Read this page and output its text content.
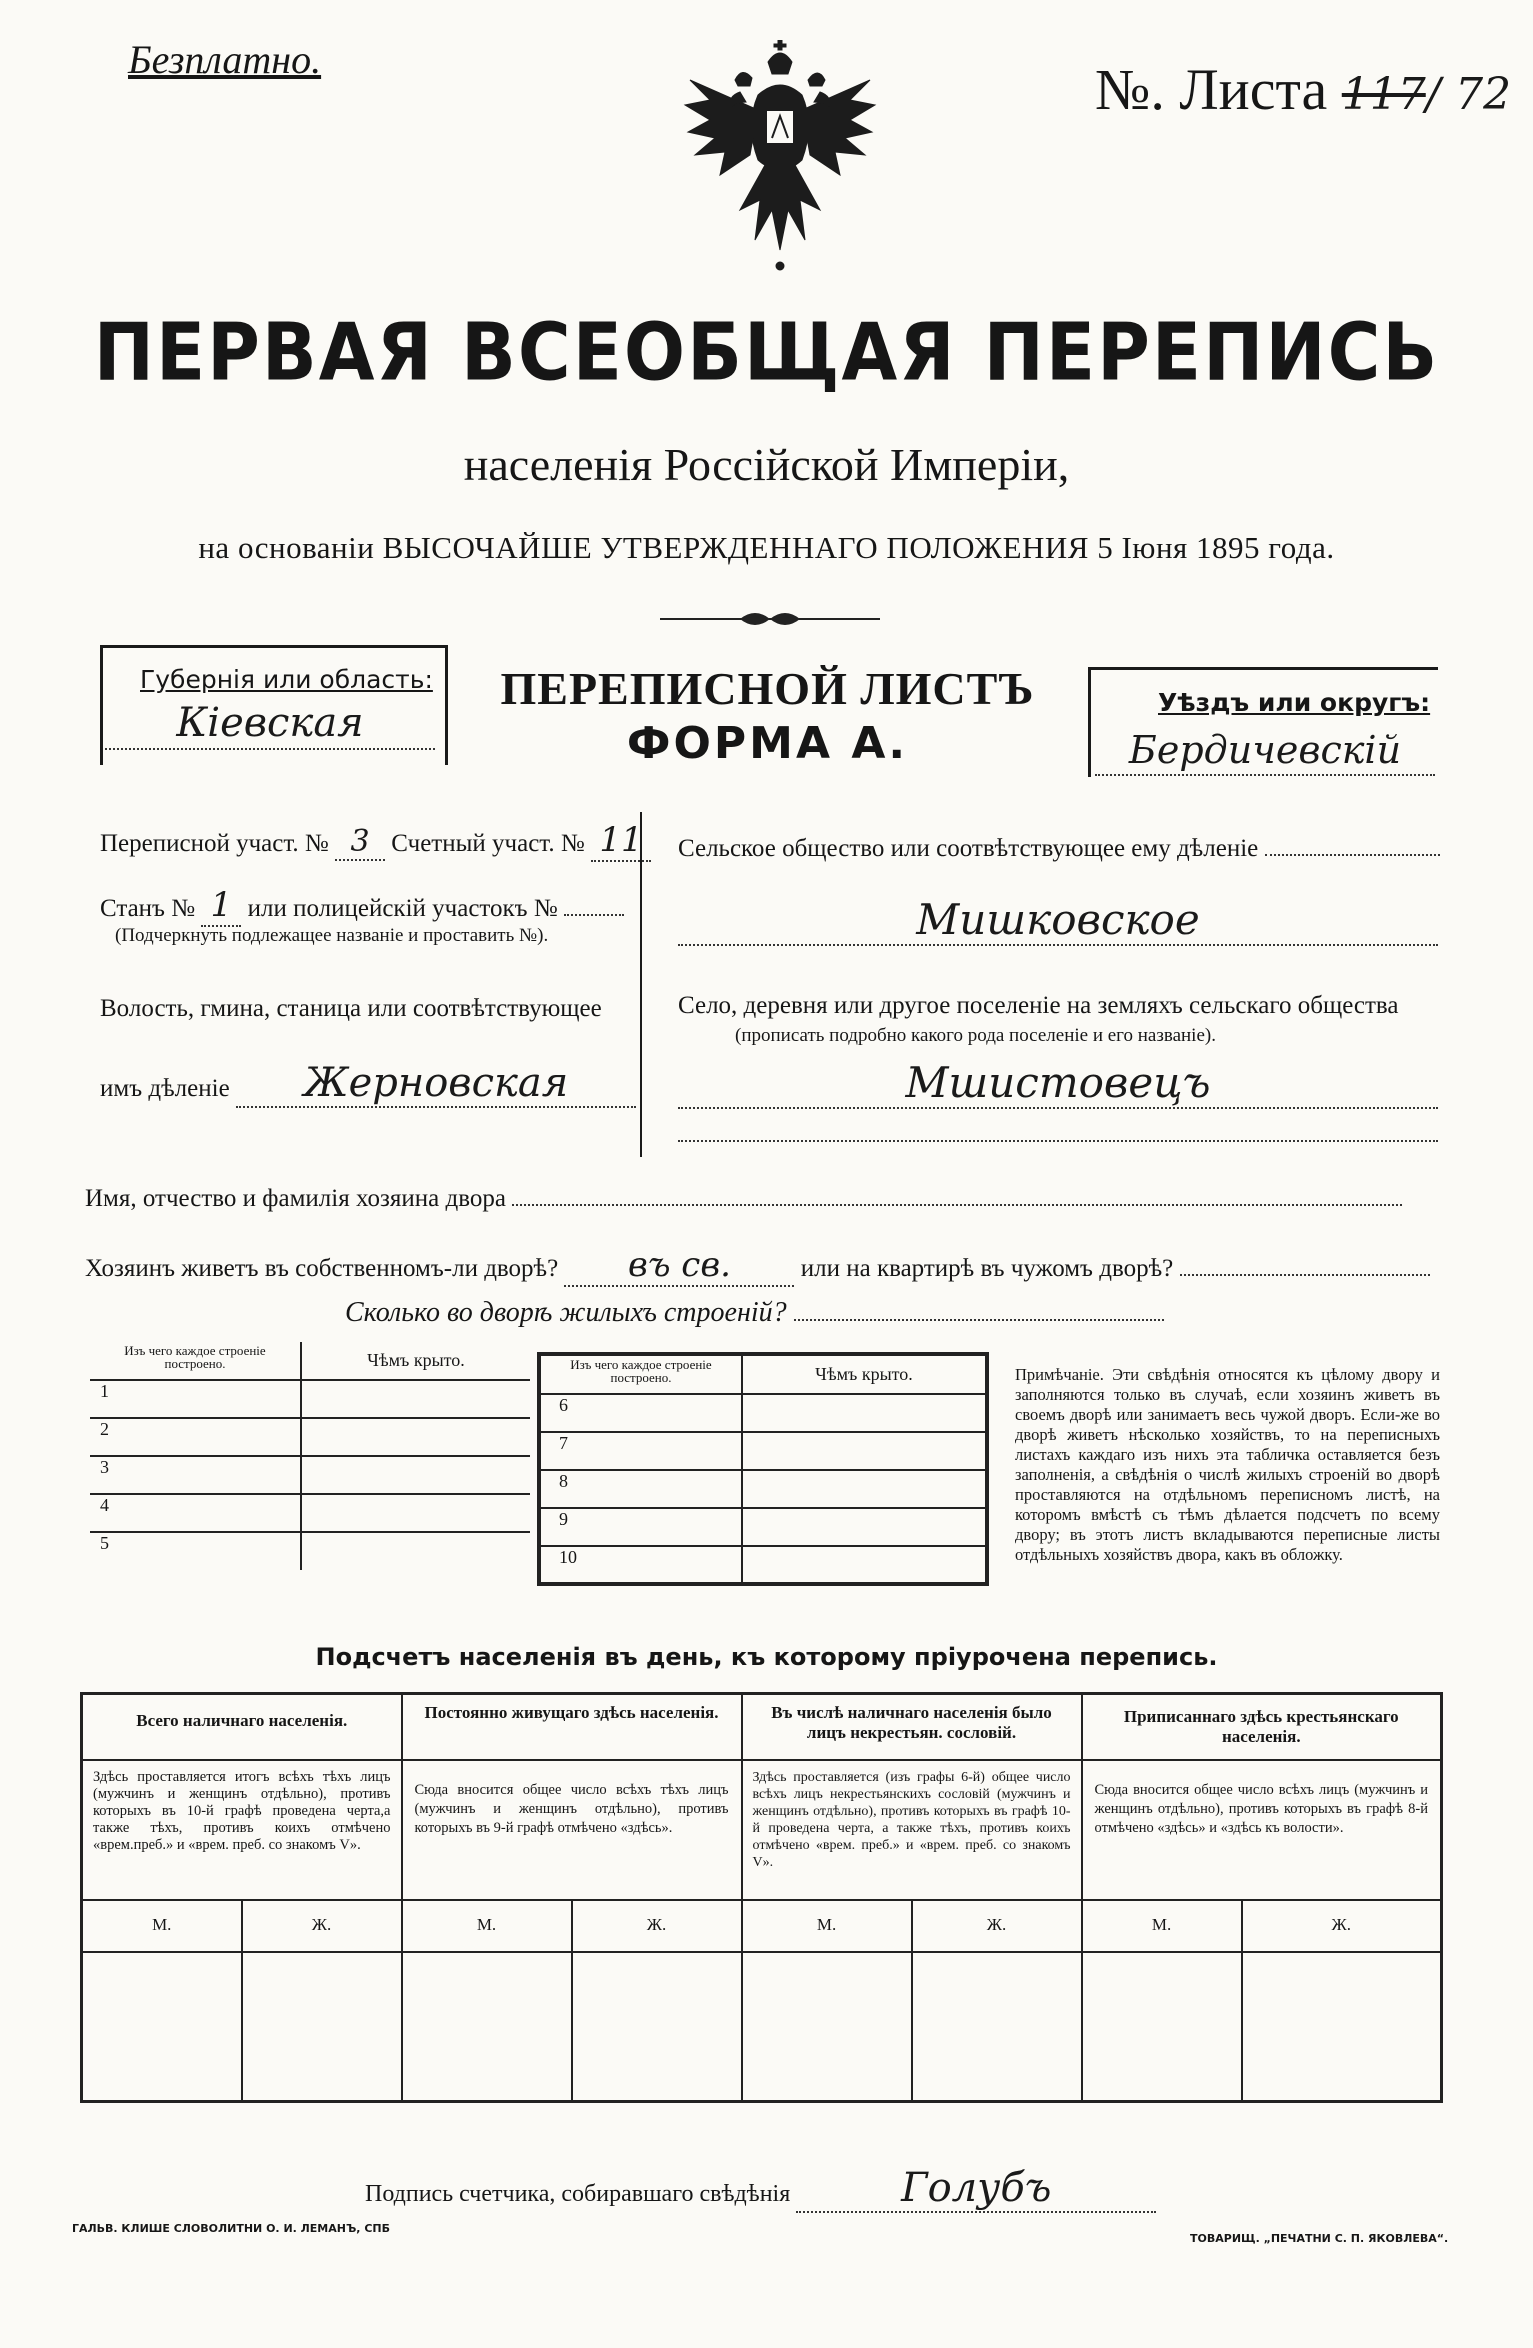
Безплатно.	№. Листа 117/ 72
ПЕРВАЯ ВСЕОБЩАЯ ПЕРЕПИСЬ
населенія Россійской Имперіи,
на основаніи ВЫСОЧАЙШЕ УТВЕРЖДЕННАГО ПОЛОЖЕНИЯ 5 Іюня 1895 года.
Губернія или область:
Кіевская
ПЕРЕПИСНОЙ ЛИСТЪ
ФОРМА А.
Уѣздъ или округъ:
Бердичевскій
Переписной участ. № 3 Счетный участ. № 11
Станъ № 1 или полицейскій участокъ №
(Подчеркнуть подлежащее названіе и проставить №).
Волость, гмина, станица или соотвѣтствующее
имъ дѣленіе Жерновская
Сельское общество или соотвѣтствующее ему дѣленіе
Мишковское
Село, деревня или другое поселеніе на земляхъ сельскаго общества
(прописать подробно какого рода поселеніе и его названіе).
Мшистовецъ
Имя, отчество и фамилія хозяина двора
Хозяинъ живетъ въ собственномъ-ли дворѣ? въ св.	или на квартирѣ въ чужомъ дворѣ?
Сколько во дворѣ жилыхъ строеній?
Изъ чего каждое строеніе построено.	Чѣмъ крыто.

1	
2	
3	
4	
5	
Изъ чего каждое строеніе построено.	Чѣмъ крыто.

6	
7	
8	
9	
10	
Примѣчаніе. Эти свѣдѣнія относятся къ цѣлому двору и заполняются только въ случаѣ, если хозяинъ живетъ въ своемъ дворѣ или занимаетъ весь чужой дворъ. Если-же во дворѣ живетъ нѣсколько хозяйствъ, то на переписныхъ листахъ каждаго изъ нихъ эта табличка оставляется безъ заполненія, а свѣдѣнія о числѣ жилыхъ строеній во дворѣ проставляются на отдѣльномъ переписномъ листѣ, на которомъ вмѣстѣ съ тѣмъ дѣлается подсчетъ по всему двору; въ этотъ листъ вкладываются переписные листы отдѣльныхъ хозяйствъ двора, какъ въ обложку.
Подсчетъ населенія въ день, къ которому пріурочена перепись.
Всего наличнаго населенія.		Постоянно живущаго здѣсь населенія.		Въ числѣ наличнаго населенія было лицъ некрестьян. сословій.		Приписаннаго здѣсь крестьянскаго населенія.	

Здѣсь проставляется итогъ всѣхъ тѣхъ лицъ (мужчинъ и женщинъ отдѣльно), противъ которыхъ въ 10-й графѣ проведена черта,а также тѣхъ, противъ коихъ отмѣчено «врем.преб.» и «врем. преб. со знакомъ V».		Сюда вносится общее число всѣхъ тѣхъ лицъ (мужчинъ и женщинъ отдѣльно), противъ которыхъ въ 9-й графѣ отмѣчено «здѣсь».		Здѣсь проставляется (изъ графы 6-й) общее число всѣхъ лицъ некрестьянскихъ сословій (мужчинъ и женщинъ отдѣльно), противъ которыхъ въ графѣ 10-й проведена черта, а также тѣхъ, противъ коихъ отмѣчено «врем. преб.» и «врем. преб. со знакомъ V».		Сюда вносится общее число всѣхъ лицъ (мужчинъ и женщинъ отдѣльно), противъ которыхъ въ графѣ 8-й отмѣчено «здѣсь» и «здѣсь къ волости».	

М.	Ж.	М.	Ж.	М.	Ж.	М.	Ж.

Подпись счетчика, собиравшаго свѣдѣнія	Голубъ
ГАЛЬВ. КЛИШЕ СЛОВОЛИТНИ О. И. ЛЕМАНЪ, СПБ
ТОВАРИЩ. „ПЕЧАТНИ С. П. ЯКОВЛЕВА“.
